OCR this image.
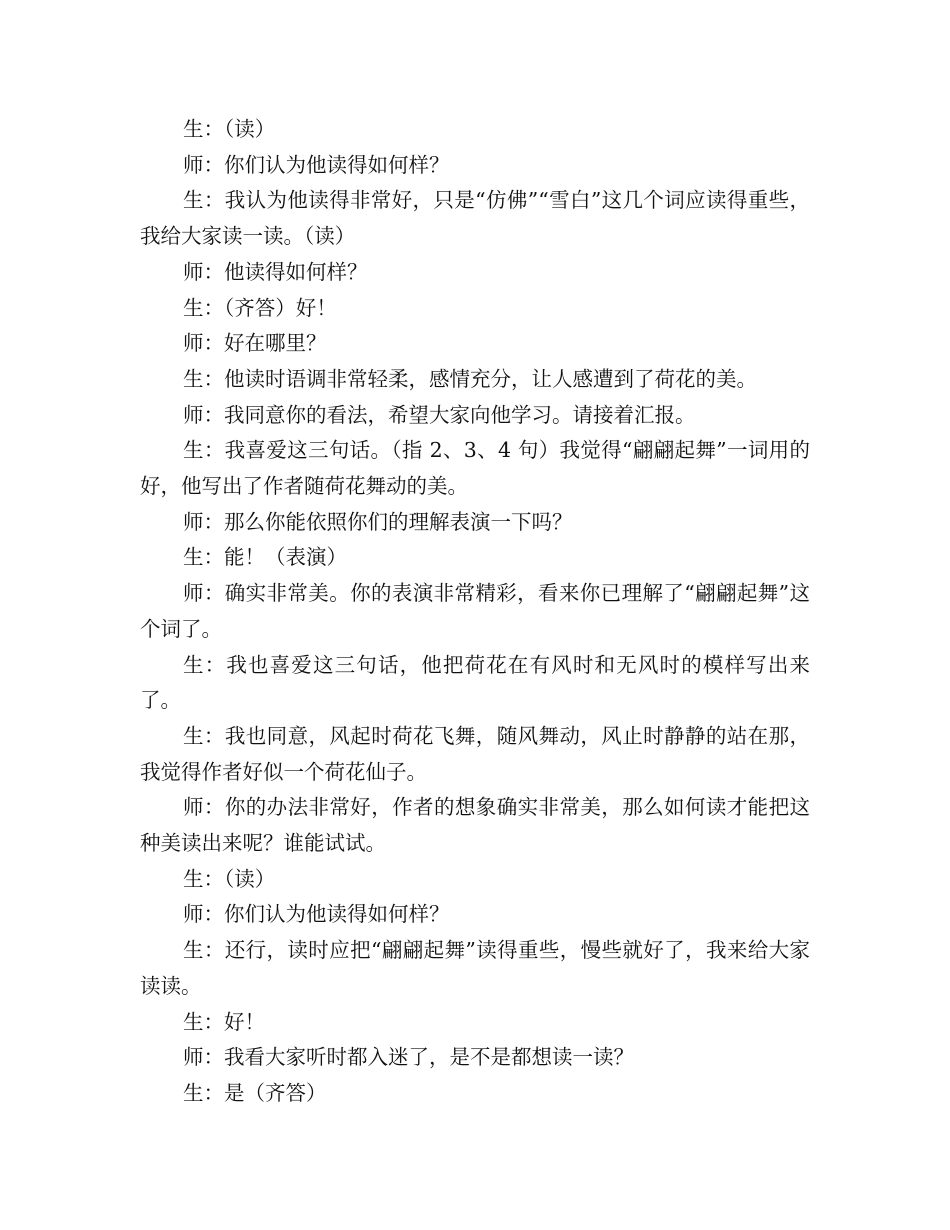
生：（读）

师：你们认为他读得如何样？

生：我认为他读得非常好，只是“仿佛”“雪白”这几个词应读得重些，我给大家读一读。（读）

师：他读得如何样？

生：（齐答）好！

师：好在哪里？

生：他读时语调非常轻柔，感情充分，让人感遭到了荷花的美。

师：我同意你的看法，希望大家向他学习。请接着汇报。

生：我喜爱这三句话。（指 2、3、4 句）我觉得“翩翩起舞”一词用的好，他写出了作者随荷花舞动的美。

师：那么你能依照你们的理解表演一下吗？

生：能！（表演）

师：确实非常美。你的表演非常精彩，看来你已理解了“翩翩起舞”这个词了。

生：我也喜爱这三句话，他把荷花在有风时和无风时的模样写出来了。

生：我也同意，风起时荷花飞舞，随风舞动，风止时静静的站在那，我觉得作者好似一个荷花仙子。

师：你的办法非常好，作者的想象确实非常美，那么如何读才能把这种美读出来呢？谁能试试。

生：（读）

师：你们认为他读得如何样？

生：还行，读时应把“翩翩起舞”读得重些，慢些就好了，我来给大家读读。

生：好！

师：我看大家听时都入迷了，是不是都想读一读？

生：是（齐答）
